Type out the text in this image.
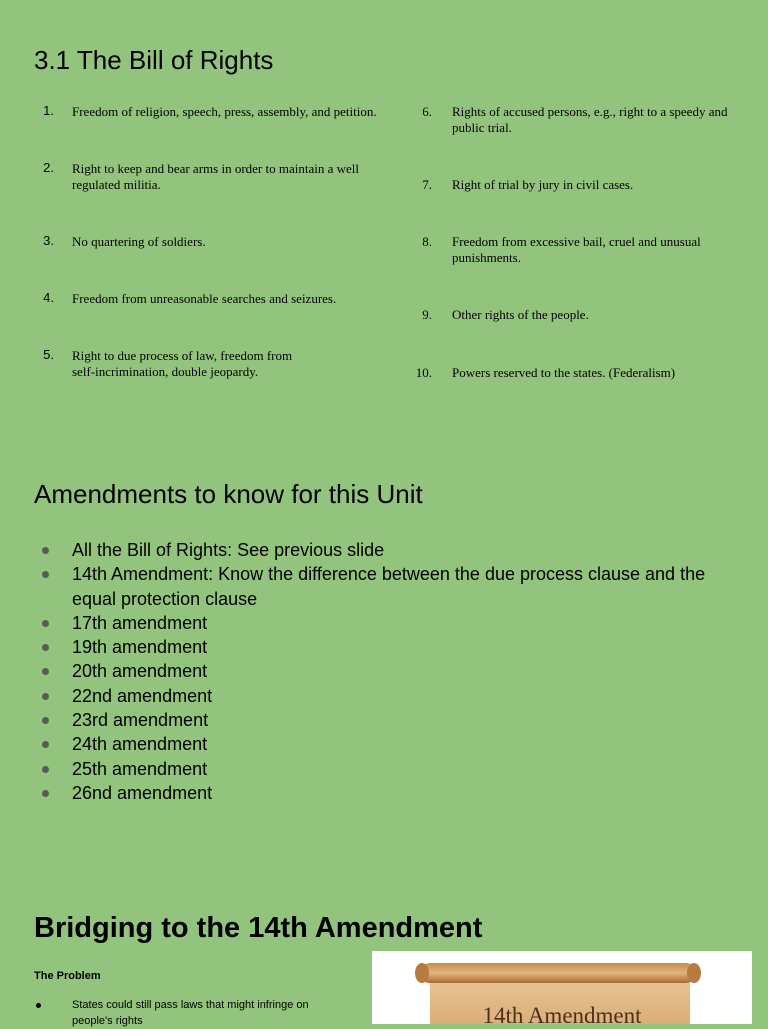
3.1 The Bill of Rights
1. Freedom of religion, speech, press, assembly, and petition.
2. Right to keep and bear arms in order to maintain a well regulated militia.
3. No quartering of soldiers.
4. Freedom from unreasonable searches and seizures.
5. Right to due process of law, freedom from self-incrimination, double jeopardy.
6. Rights of accused persons, e.g., right to a speedy and public trial.
7. Right of trial by jury in civil cases.
8. Freedom from excessive bail, cruel and unusual punishments.
9. Other rights of the people.
10. Powers reserved to the states. (Federalism)
Amendments to know for this Unit
All the Bill of Rights: See previous slide
14th Amendment: Know the difference between the due process clause and the equal protection clause
17th amendment
19th amendment
20th amendment
22nd amendment
23rd amendment
24th amendment
25th amendment
26nd amendment
Bridging to the 14th Amendment
The Problem
States could still pass laws that might infringe on people's rights	14th Amendment
